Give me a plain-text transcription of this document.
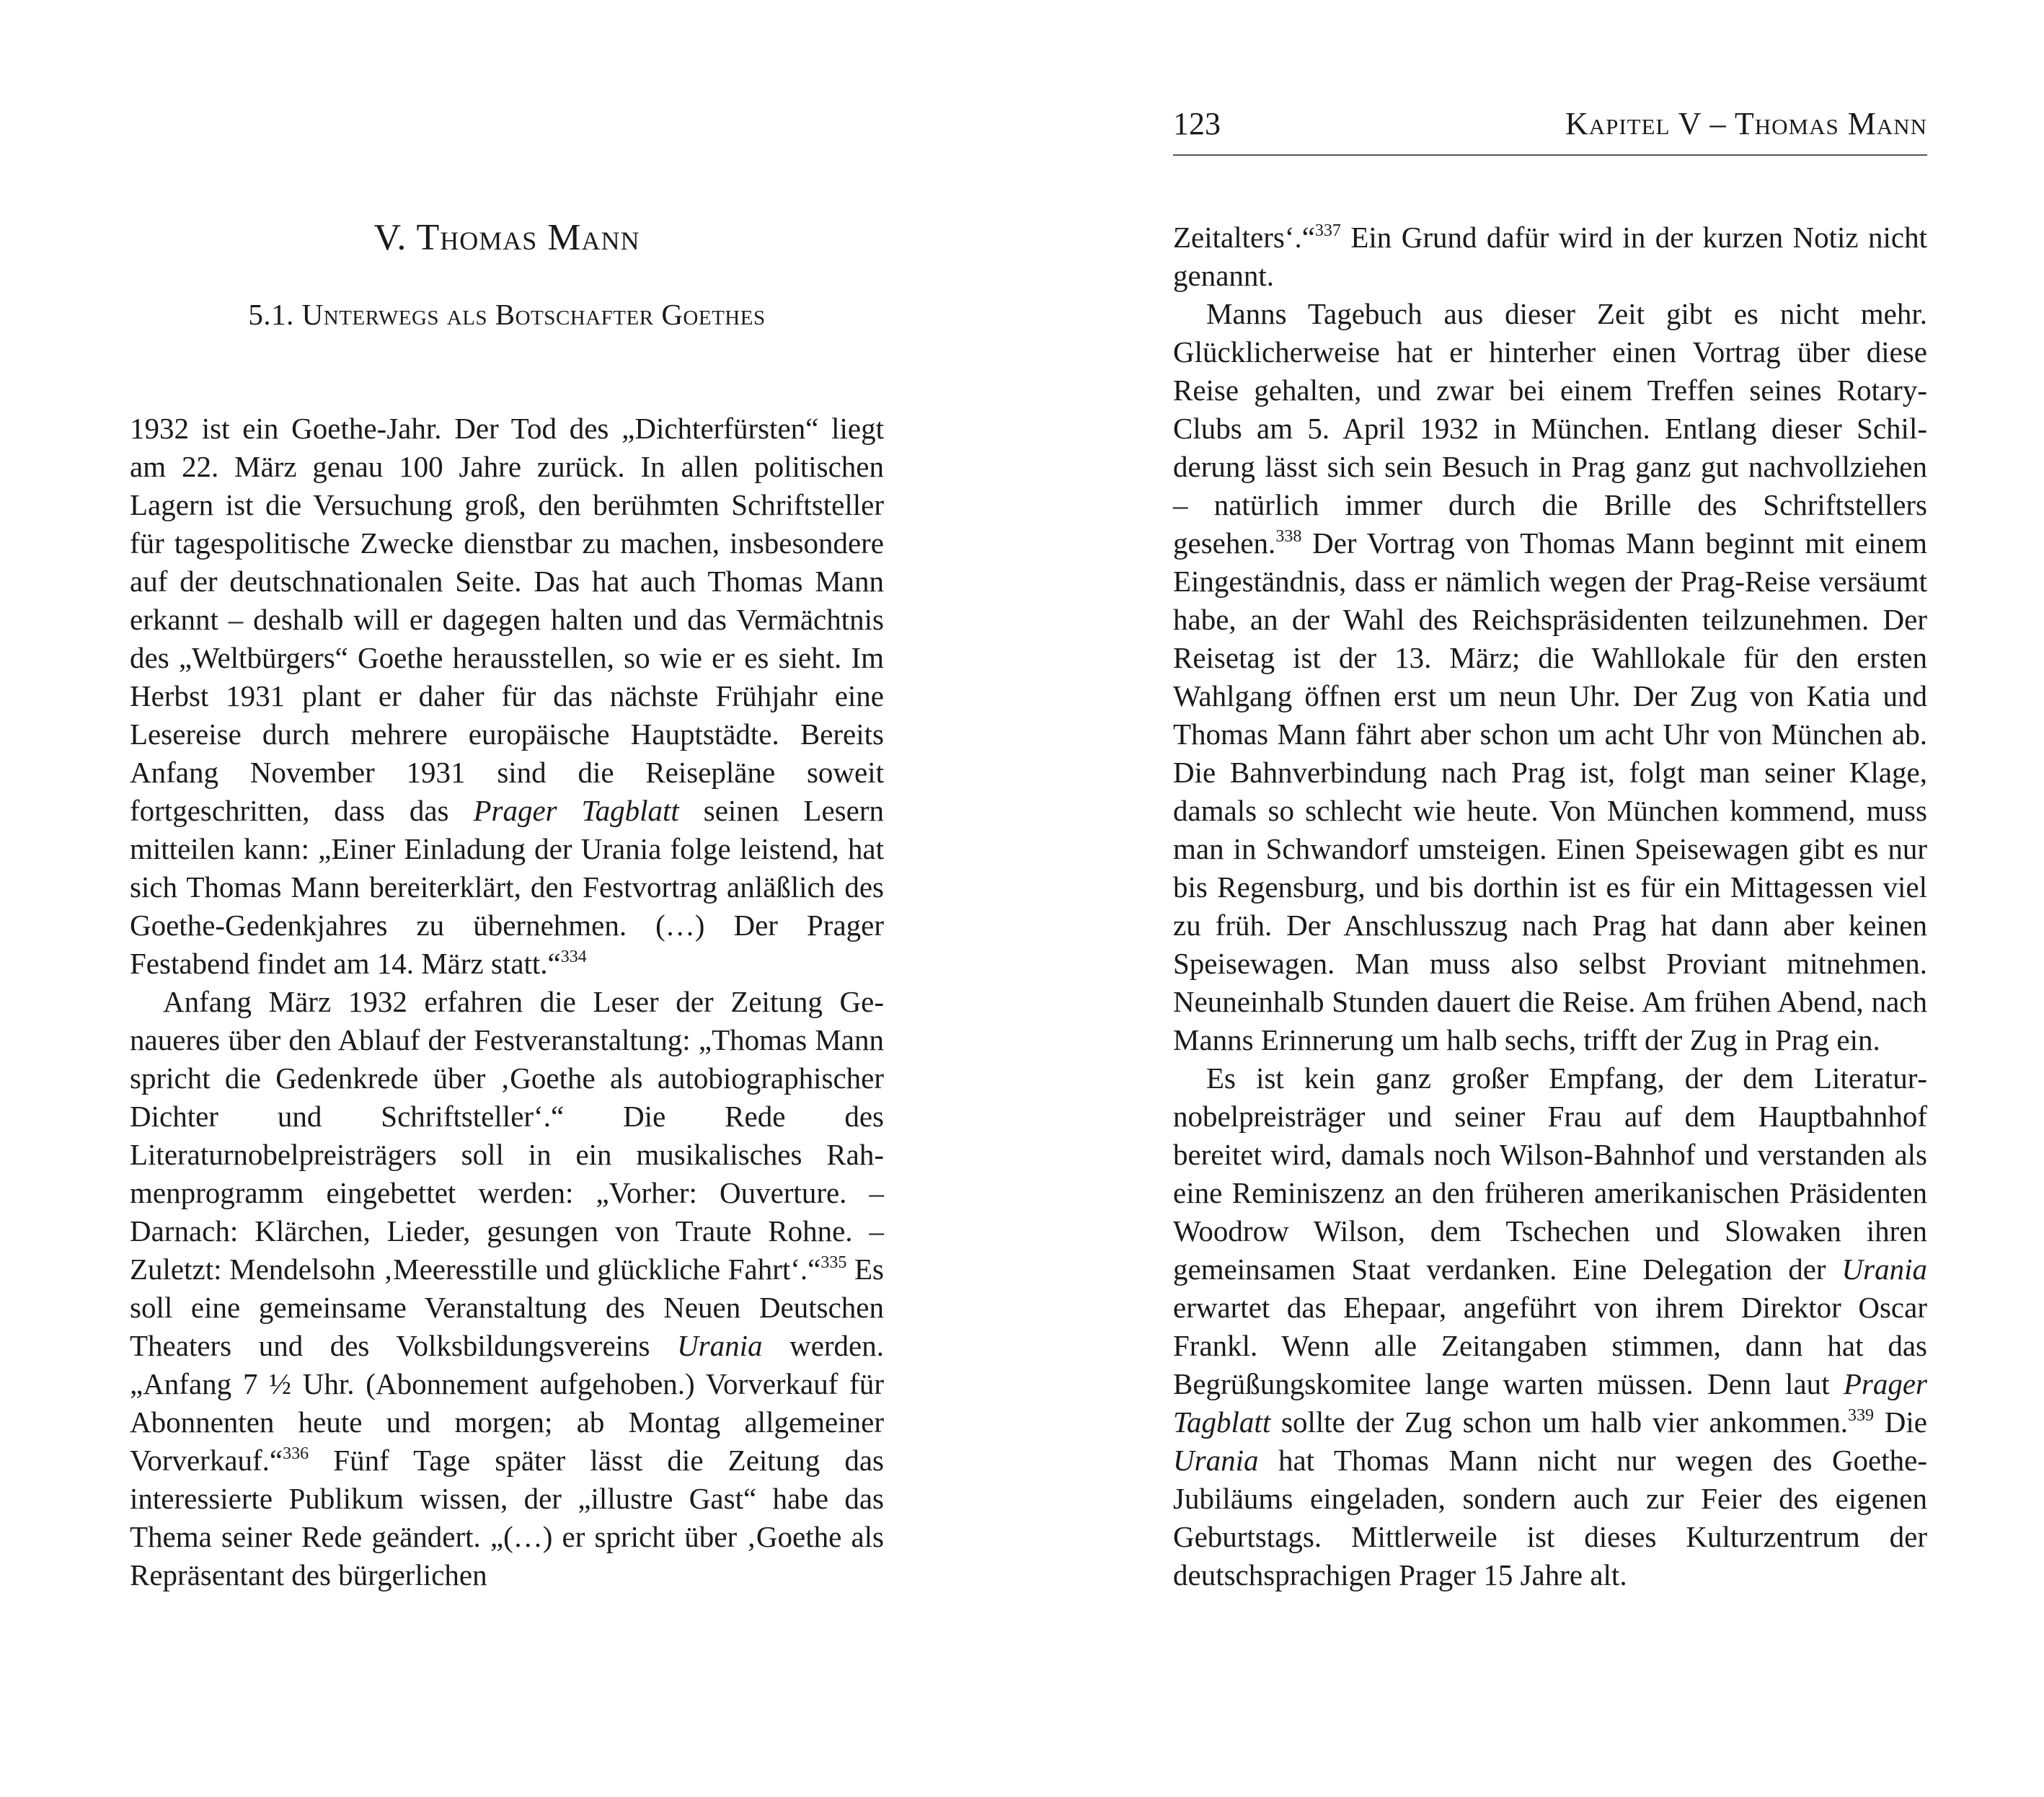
V. Thomas Mann
5.1. Unterwegs als Botschafter Goethes

1932 ist ein Goethe-Jahr. Der Tod des „Dichterfürsten“ liegt am 22. März genau 100 Jahre zurück. In allen politischen Lagern ist die Versuchung groß, den berühmten Schriftsteller für tagespolitische Zwecke dienstbar zu machen, insbesondere auf der deutschnationalen Seite. Das hat auch Thomas Mann erkannt – deshalb will er dagegen halten und das Vermächtnis des „Weltbürgers“ Goethe herausstellen, so wie er es sieht. Im Herbst 1931 plant er daher für das nächste Frühjahr eine Lesereise durch mehrere europäische Hauptstädte. Bereits Anfang November 1931 sind die Reisepläne soweit fortgeschritten, dass das Prager Tagblatt seinen Lesern mitteilen kann: „Einer Einladung der Urania folge leistend, hat sich Thomas Mann bereiterklärt, den Festvortrag anläßlich des Goethe-Gedenkjahres zu übernehmen. (…) Der Prager Festabend findet am 14. März statt.“$^{334}$

Anfang März 1932 erfahren die Leser der Zeitung Genaueres über den Ablauf der Festveranstaltung: „Thomas Mann spricht die Gedenkrede über ‚Goethe als autobiographischer Dichter und Schriftsteller‘.“ Die Rede des Literaturnobelpreisträgers soll in ein musikalisches Rahmenprogramm eingebettet werden: „Vorher: Ouverture. – Darnach: Klärchen, Lieder, gesungen von Traute Rohne. – Zuletzt: Mendelsohn ‚Meeresstille und glückliche Fahrt‘.“$^{335}$ Es soll eine gemeinsame Veranstaltung des Neuen Deutschen Theaters und des Volksbildungsvereins Urania werden. „Anfang 7 ½ Uhr. (Abonnement aufgehoben.) Vorverkauf für Abonnenten heute und morgen; ab Montag allgemeiner Vorverkauf.“$^{336}$ Fünf Tage später lässt die Zeitung das interessierte Publikum wissen, der „illustre Gast“ habe das Thema seiner Rede geändert. „(…) er spricht über ‚Goethe als Repräsentant des bürgerlichen

123	Kapitel V – Thomas Mann

Zeitalters‘.“$^{337}$ Ein Grund dafür wird in der kurzen Notiz nicht genannt.

Manns Tagebuch aus dieser Zeit gibt es nicht mehr. Glücklicherweise hat er hinterher einen Vortrag über diese Reise gehalten, und zwar bei einem Treffen seines Rotary-Clubs am 5. April 1932 in München. Entlang dieser Schilderung lässt sich sein Besuch in Prag ganz gut nachvollziehen – natürlich immer durch die Brille des Schriftstellers gesehen.$^{338}$ Der Vortrag von Thomas Mann beginnt mit einem Eingeständnis, dass er nämlich wegen der Prag-Reise versäumt habe, an der Wahl des Reichspräsidenten teilzunehmen. Der Reisetag ist der 13. März; die Wahllokale für den ersten Wahlgang öffnen erst um neun Uhr. Der Zug von Katia und Thomas Mann fährt aber schon um acht Uhr von München ab. Die Bahnverbindung nach Prag ist, folgt man seiner Klage, damals so schlecht wie heute. Von München kommend, muss man in Schwandorf umsteigen. Einen Speisewagen gibt es nur bis Regensburg, und bis dorthin ist es für ein Mittagessen viel zu früh. Der Anschlusszug nach Prag hat dann aber keinen Speisewagen. Man muss also selbst Proviant mitnehmen. Neuneinhalb Stunden dauert die Reise. Am frühen Abend, nach Manns Erinnerung um halb sechs, trifft der Zug in Prag ein.

Es ist kein ganz großer Empfang, der dem Literaturnobelpreisträger und seiner Frau auf dem Hauptbahnhof bereitet wird, damals noch Wilson-Bahnhof und verstanden als eine Reminiszenz an den früheren amerikanischen Präsidenten Woodrow Wilson, dem Tschechen und Slowaken ihren gemeinsamen Staat verdanken. Eine Delegation der Urania erwartet das Ehepaar, angeführt von ihrem Direktor Oscar Frankl. Wenn alle Zeitangaben stimmen, dann hat das Begrüßungskomitee lange warten müssen. Denn laut Prager Tagblatt sollte der Zug schon um halb vier ankommen.$^{339}$ Die Urania hat Thomas Mann nicht nur wegen des Goethe-Jubiläums eingeladen, sondern auch zur Feier des eigenen Geburtstags. Mittlerweile ist dieses Kulturzentrum der deutschsprachigen Prager 15 Jahre alt.
